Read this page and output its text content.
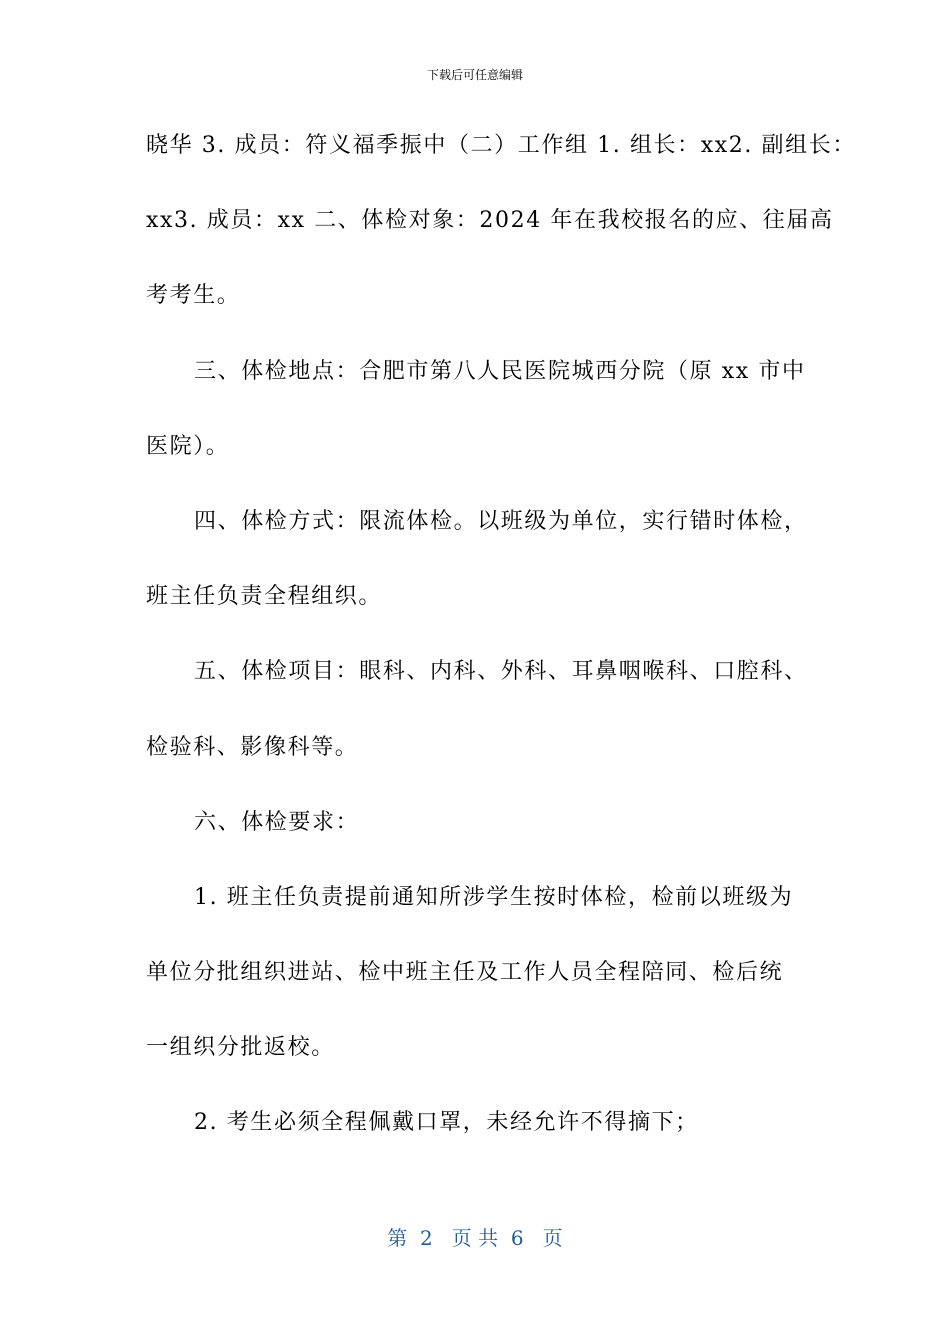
下载后可任意编辑
晓华 3. 成员：符义福季振中（二）工作组 1. 组长：xx2. 副组长：
xx3. 成员：xx 二、体检对象：2024 年在我校报名的应、往届高
考考生。
三、体检地点：合肥市第八人民医院城西分院（原 xx 市中
医院）。
四、体检方式：限流体检。以班级为单位，实行错时体检，
班主任负责全程组织。
五、体检项目：眼科、内科、外科、耳鼻咽喉科、口腔科、
检验科、影像科等。
六、体检要求：
1. 班主任负责提前通知所涉学生按时体检，检前以班级为
单位分批组织进站、检中班主任及工作人员全程陪同、检后统
一组织分批返校。
2. 考生必须全程佩戴口罩，未经允许不得摘下；
第  2   页 共  6   页
